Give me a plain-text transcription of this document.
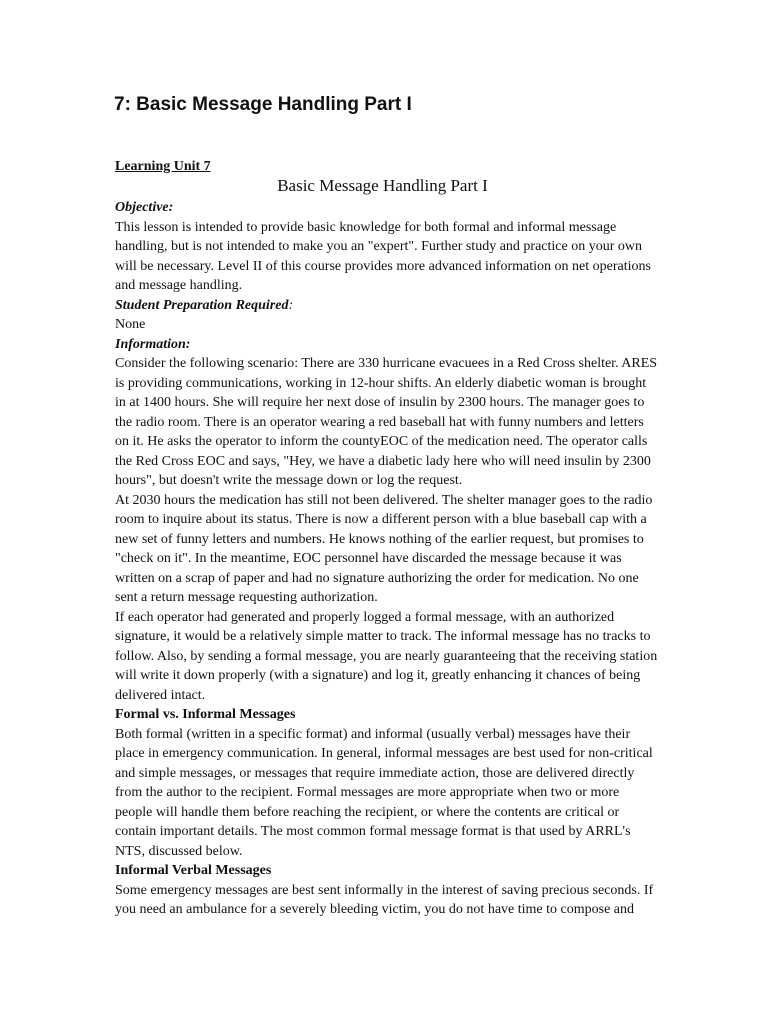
7: Basic Message Handling Part I

Learning Unit 7

Basic Message Handling Part I

Objective:

This lesson is intended to provide basic knowledge for both formal and informal message handling, but is not intended to make you an "expert". Further study and practice on your own will be necessary. Level II of this course provides more advanced information on net operations and message handling.

Student Preparation Required:

None

Information:

Consider the following scenario: There are 330 hurricane evacuees in a Red Cross shelter. ARES is providing communications, working in 12-hour shifts. An elderly diabetic woman is brought in at 1400 hours. She will require her next dose of insulin by 2300 hours. The manager goes to the radio room. There is an operator wearing a red baseball hat with funny numbers and letters on it. He asks the operator to inform the countyEOC of the medication need. The operator calls the Red Cross EOC and says, "Hey, we have a diabetic lady here who will need insulin by 2300 hours", but doesn't write the message down or log the request.

At 2030 hours the medication has still not been delivered. The shelter manager goes to the radio room to inquire about its status. There is now a different person with a blue baseball cap with a new set of funny letters and numbers. He knows nothing of the earlier request, but promises to "check on it". In the meantime, EOC personnel have discarded the message because it was written on a scrap of paper and had no signature authorizing the order for medication. No one sent a return message requesting authorization.

If each operator had generated and properly logged a formal message, with an authorized signature, it would be a relatively simple matter to track. The informal message has no tracks to follow. Also, by sending a formal message, you are nearly guaranteeing that the receiving station will write it down properly (with a signature) and log it, greatly enhancing it chances of being delivered intact.

Formal vs. Informal Messages

Both formal (written in a specific format) and informal (usually verbal) messages have their place in emergency communication. In general, informal messages are best used for non-critical and simple messages, or messages that require immediate action, those are delivered directly from the author to the recipient. Formal messages are more appropriate when two or more people will handle them before reaching the recipient, or where the contents are critical or contain important details. The most common formal message format is that used by ARRL's NTS, discussed below.

Informal Verbal Messages

Some emergency messages are best sent informally in the interest of saving precious seconds. If you need an ambulance for a severely bleeding victim, you do not have time to compose and
